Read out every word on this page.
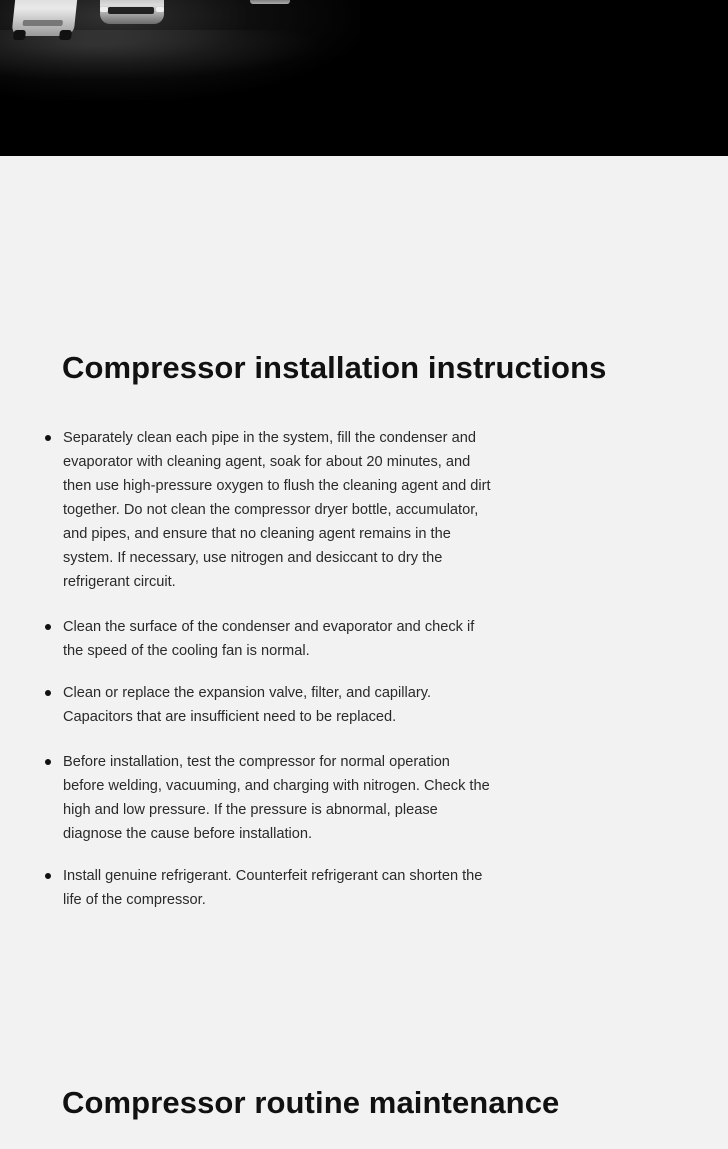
Compressor installation instructions
Separately clean each pipe in the system, fill the condenser and evaporator with cleaning agent, soak for about 20 minutes, and then use high-pressure oxygen to flush the cleaning agent and dirt together. Do not clean the compressor dryer bottle, accumulator, and pipes, and ensure that no cleaning agent remains in the system. If necessary, use nitrogen and desiccant to dry the refrigerant circuit.
Clean the surface of the condenser and evaporator and check if the speed of the cooling fan is normal.
Clean or replace the expansion valve, filter, and capillary. Capacitors that are insufficient need to be replaced.
Before installation, test the compressor for normal operation before welding, vacuuming, and charging with nitrogen. Check the high and low pressure. If the pressure is abnormal, please diagnose the cause before installation.
Install genuine refrigerant. Counterfeit refrigerant can shorten the life of the compressor.
Compressor routine maintenance
